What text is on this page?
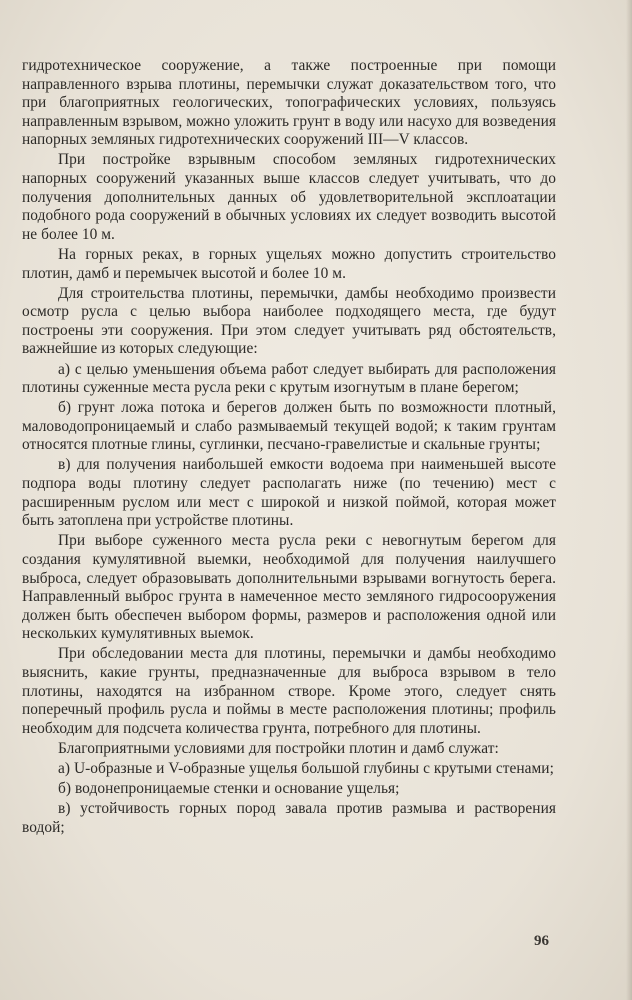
гидротехническое сооружение, а также построенные при помощи направленного взрыва плотины, перемычки служат доказательством того, что при благоприятных геологических, топографических условиях, пользуясь направленным взрывом, можно уложить грунт в воду или насухо для возведения напорных земляных гидротехнических сооружений III—V классов.

При постройке взрывным способом земляных гидротехнических напорных сооружений указанных выше классов следует учитывать, что до получения дополнительных данных об удовлетворительной эксплоатации подобного рода сооружений в обычных условиях их следует возводить высотой не более 10 м.

На горных реках, в горных ущельях можно допустить строительство плотин, дамб и перемычек высотой и более 10 м.

Для строительства плотины, перемычки, дамбы необходимо произвести осмотр русла с целью выбора наиболее подходящего места, где будут построены эти сооружения. При этом следует учитывать ряд обстоятельств, важнейшие из которых следующие:

а) с целью уменьшения объема работ следует выбирать для расположения плотины суженные места русла реки с крутым изогнутым в плане берегом;

б) грунт ложа потока и берегов должен быть по возможности плотный, маловодопроницаемый и слабо размываемый текущей водой; к таким грунтам относятся плотные глины, суглинки, песчано-гравелистые и скальные грунты;

в) для получения наибольшей емкости водоема при наименьшей высоте подпора воды плотину следует располагать ниже (по течению) мест с расширенным руслом или мест с широкой и низкой поймой, которая может быть затоплена при устройстве плотины.

При выборе суженного места русла реки с невогнутым берегом для создания кумулятивной выемки, необходимой для получения наилучшего выброса, следует образовывать дополнительными взрывами вогнутость берега. Направленный выброс грунта в намеченное место земляного гидросооружения должен быть обеспечен выбором формы, размеров и расположения одной или нескольких кумулятивных выемок.

При обследовании места для плотины, перемычки и дамбы необходимо выяснить, какие грунты, предназначенные для выброса взрывом в тело плотины, находятся на избранном створе. Кроме этого, следует снять поперечный профиль русла и поймы в месте расположения плотины; профиль необходим для подсчета количества грунта, потребного для плотины.

Благоприятными условиями для постройки плотин и дамб служат:

а) U-образные и V-образные ущелья большой глубины с крутыми стенами;

б) водонепроницаемые стенки и основание ущелья;

в) устойчивость горных пород завала против размыва и растворения водой;

96
